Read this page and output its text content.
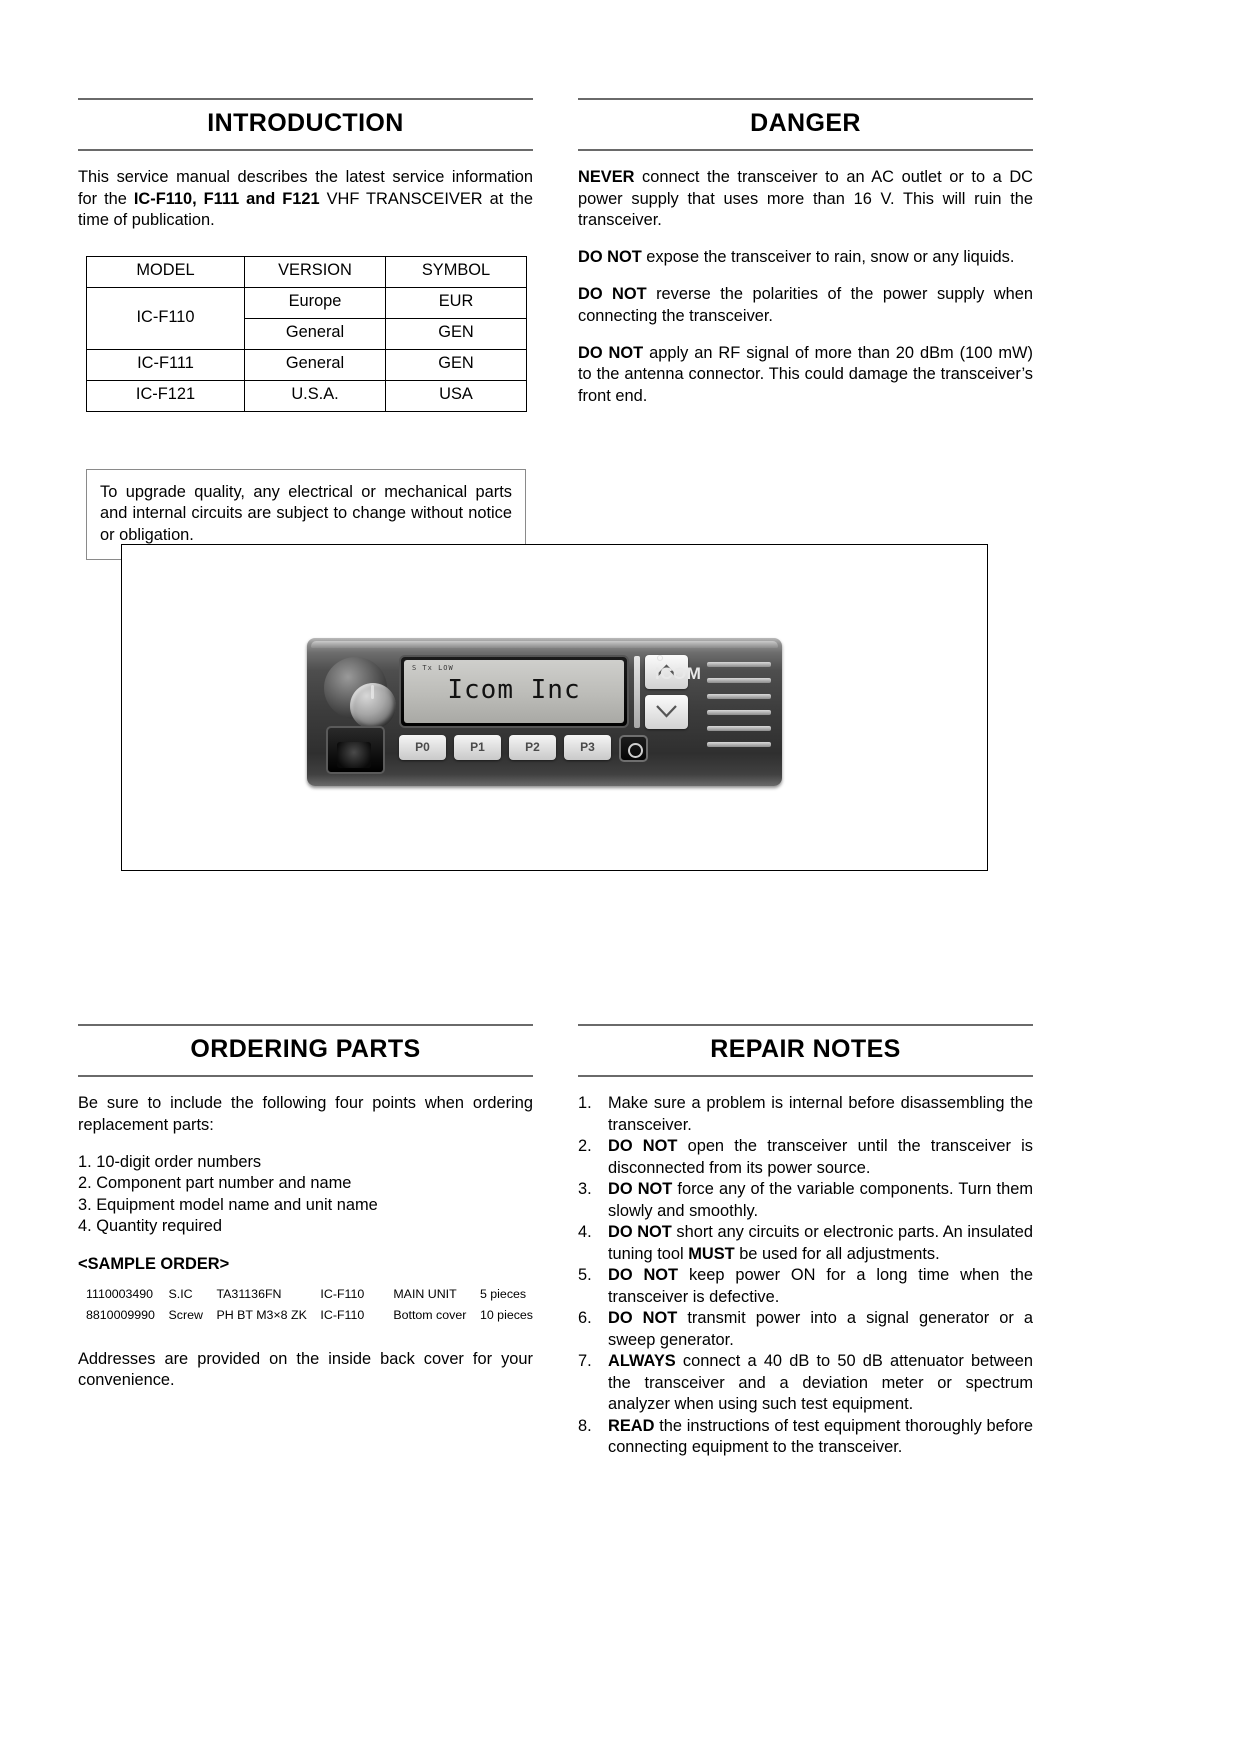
INTRODUCTION

This service manual describes the latest service information for the IC-F110, F111 and F121 VHF TRANSCEIVER at the time of publication.

MODEL	VERSION	SYMBOL
IC-F110	Europe	EUR
	General	GEN
IC-F111	General	GEN
IC-F121	U.S.A.	USA

To upgrade quality, any electrical or mechanical parts and internal circuits are subject to change without notice or obligation.

DANGER

NEVER connect the transceiver to an AC outlet or to a DC power supply that uses more than 16 V. This will ruin the transceiver.

DO NOT expose the transceiver to rain, snow or any liquids.

DO NOT reverse the polarities of the power supply when connecting the transceiver.

DO NOT apply an RF signal of more than 20 dBm (100 mW) to the antenna connector. This could damage the transceiver’s front end.

S Tx LOW
Icom Inc
P0	P1	P2	P3
ICOM
ORDERING PARTS

Be sure to include the following four points when ordering replacement parts:

1. 10-digit order numbers
2. Component part number and name
3. Equipment model name and unit name
4. Quantity required
<SAMPLE ORDER>
1110003490		S.IC		TA31136FN		IC-F110		MAIN UNIT		5 pieces
8810009990		Screw		PH BT M3×8 ZK		IC-F110		Bottom cover		10 pieces

Addresses are provided on the inside back cover for your convenience.

REPAIR NOTES
1. Make sure a problem is internal before disassembling the transceiver.
2. DO NOT open the transceiver until the transceiver is disconnected from its power source.
3. DO NOT force any of the variable components. Turn them slowly and smoothly.
4. DO NOT short any circuits or electronic parts. An insulated tuning tool MUST be used for all adjustments.
5. DO NOT keep power ON for a long time when the transceiver is defective.
6. DO NOT transmit power into a signal generator or a sweep generator.
7. ALWAYS connect a 40 dB to 50 dB attenuator between the transceiver and a deviation meter or spectrum analyzer when using such test equipment.
8. READ the instructions of test equipment thoroughly before connecting equipment to the transceiver.
